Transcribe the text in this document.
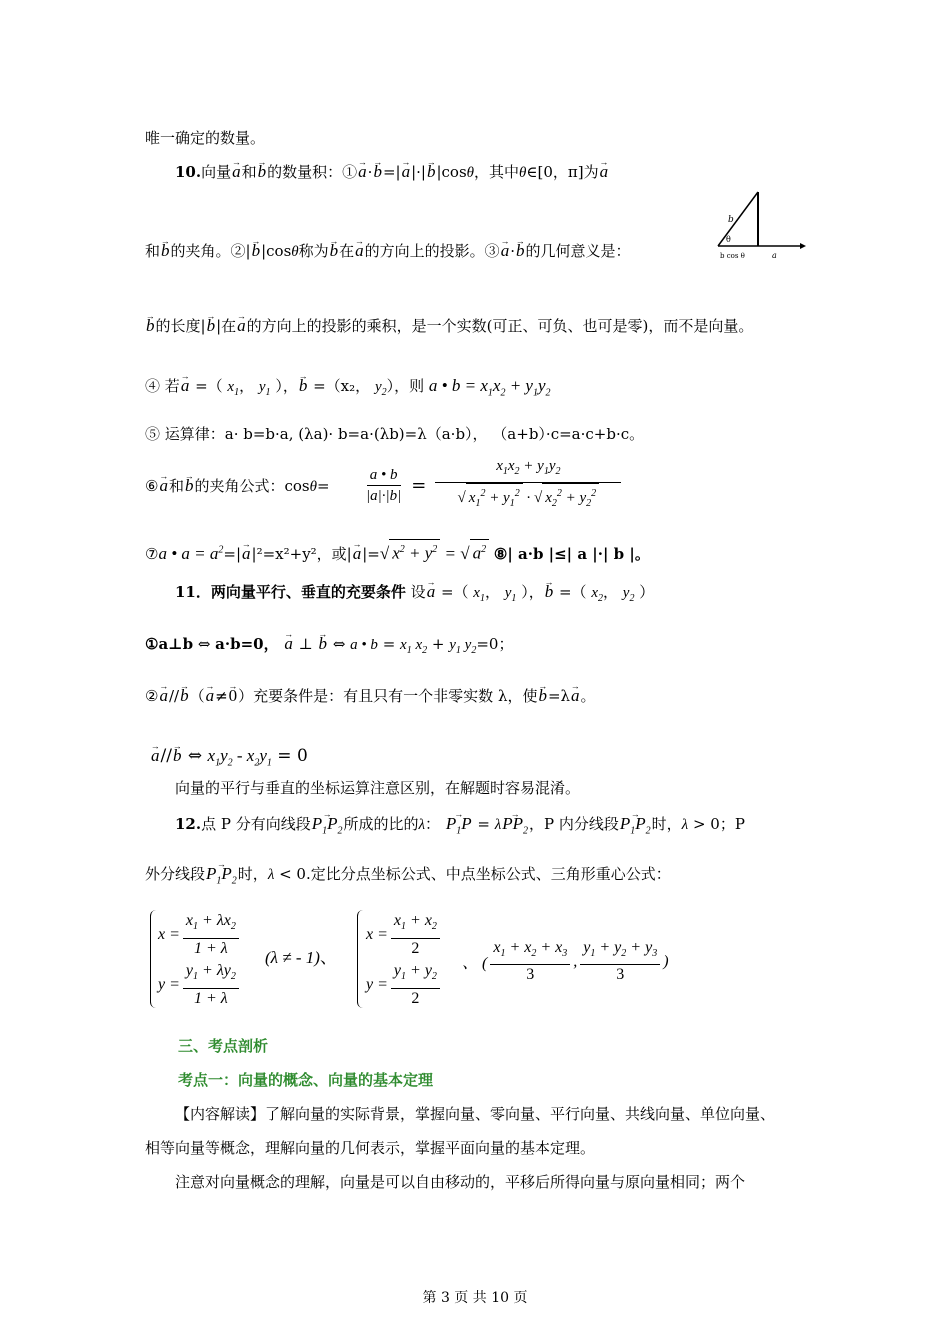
唯一确定的数量。
10.向量→ a和→ b的数量积：①→ a·→ b=|→ a|·|→ b|cosθ，其中θ∈[0，π]为→ a
和→ b的夹角。②|→ b|cosθ称为→ b在→ a的方向上的投影。③→ a·→ b的几何意义是：
b
θ
b cos θ	a
→ b的长度|→ b|在→ a的方向上的投影的乘积，是一个实数(可正、可负、也可是零)，而不是向量。
④ 若→ a =（ $x_1$， $y_1$ ），→ b =（x₂， $y_2$），则 a • $b = x_1x_2 + y_1y_2$
⑤ 运算律：a· b=b·a, (λa)· b=a·(λb)=λ（a·b）， （a+b）·c=a·c+b·c。
⑥→ a和→ b的夹角公式：$\cos\theta= \frac{a • b}{|a|\cdot|b|} = \frac{x_1x_2 + y_1y_2}{√ x_1^2 + y_1^2 \cdot √ x_2^2 + y_2^2}$
⑦a • $a = a^2=|\to a|^2=x^2+y^2$，或|→ a|=√ $x^2 + y^2$ = √ $a^2$ ⑧| a·b |≤| a |·| b |。
11．两向量平行、垂直的充要条件 设→ a =（ $x_1$， $y_1$ ），→ b =（ $x_2$， $y_2$ ）
①a⊥b ⇔ a·b=0， → a ⊥ → b ⇔ a • $b = x_1$ $x_2 + y_1$ $y_2=0$；
②→ a//→ b（→ a≠→ 0）充要条件是：有且只有一个非零实数 λ，使→ b=λ→ a。
→ a//→ b ⇔ $x_1y_2 - x_2y_1 = 0$
向量的平行与垂直的坐标运算注意区别，在解题时容易混淆。
12.点 P 分有向线段→ $P_1P_2$所成的比的λ： → $P_1P = \lambda\to PP_2$，P 内分线段→ $P_1P_2$时，λ > 0；P
外分线段→ $P_1P_2$时，λ < 0.定比分点坐标公式、中点坐标公式、三角形重心公式：
$x = \frac{x_1 + \lambda x_2}{1 + \lambda}$
$y = \frac{y_1 + \lambda y_2}{1 + \lambda}$
(λ ≠ - 1)、
$x = \frac{x_1 + x_2}{2}$
$y = \frac{y_1 + y_2}{2}$ 、 ( $\frac{x_1 + x_2 + x_3}{3}$ , $\frac{y_1 + y_2 + y_3}{3}$ )
三、考点剖析
考点一：向量的概念、向量的基本定理
【内容解读】了解向量的实际背景，掌握向量、零向量、平行向量、共线向量、单位向量、
相等向量等概念，理解向量的几何表示，掌握平面向量的基本定理。
注意对向量概念的理解，向量是可以自由移动的，平移后所得向量与原向量相同；两个
第 3 页 共 10 页
